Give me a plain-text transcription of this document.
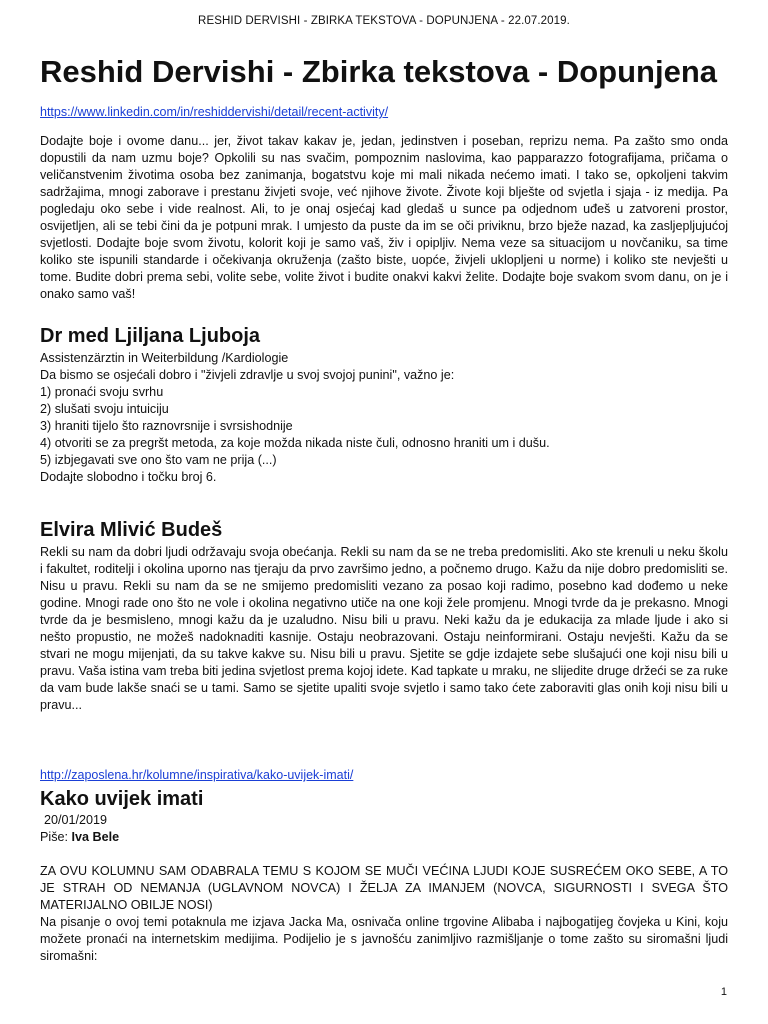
RESHID DERVISHI - ZBIRKA TEKSTOVA - DOPUNJENA - 22.07.2019.
Reshid Dervishi - Zbirka tekstova - Dopunjena
https://www.linkedin.com/in/reshiddervishi/detail/recent-activity/

Dodajte boje i ovome danu... jer, život takav kakav je, jedan, jedinstven i poseban, reprizu nema. Pa zašto smo onda dopustili da nam uzmu boje? Opkolili su nas svačim, pompoznim naslovima, kao papparazzo fotografijama, pričama o veličanstvenim životima osoba bez zanimanja, bogatstvu koje mi mali nikada nećemo imati. I tako se, opkoljeni takvim sadržajima, mnogi zaborave i prestanu živjeti svoje, već njihove živote. Živote koji blješte od svjetla i sjaja - iz medija. Pa pogledaju oko sebe i vide realnost. Ali, to je onaj osjećaj kad gledaš u sunce pa odjednom uđeš u zatvoreni prostor, osvijetljen, ali se tebi čini da je potpuni mrak. I umjesto da puste da im se oči priviknu, brzo bježe nazad, ka zasljepljujućoj svjetlosti. Dodajte boje svom životu, kolorit koji je samo vaš, živ i opipljiv. Nema veze sa situacijom u novčaniku, sa time koliko ste ispunili standarde i očekivanja okruženja (zašto biste, uopće, živjeli uklopljeni u norme) i koliko ste nevješti u tome. Budite dobri prema sebi, volite sebe, volite život i budite onakvi kakvi želite. Dodajte boje svakom svom danu, on je i onako samo vaš!

Dr med Ljiljana Ljuboja

Assistenzärztin in Weiterbildung /Kardiologie

Da bismo se osjećali dobro i "živjeli zdravlje u svoj svojoj punini", važno je:

1) pronaći svoju svrhu

2) slušati svoju intuiciju

3) hraniti tijelo što raznovrsnije i svrsishodnije

4) otvoriti se za pregršt metoda, za koje možda nikada niste čuli, odnosno hraniti um i dušu.

5) izbjegavati sve ono što vam ne prija (...)

Dodajte slobodno i točku broj 6.

Elvira Mlivić Budeš

Rekli su nam da dobri ljudi održavaju svoja obećanja. Rekli su nam da se ne treba predomisliti. Ako ste krenuli u neku školu i fakultet, roditelji i okolina uporno nas tjeraju da prvo završimo jedno, a počnemo drugo. Kažu da nije dobro predomisliti se. Nisu u pravu. Rekli su nam da se ne smijemo predomisliti vezano za posao koji radimo, posebno kad dođemo u neke godine. Mnogi rade ono što ne vole i okolina negativno utiče na one koji žele promjenu. Mnogi tvrde da je prekasno. Mnogi tvrde da je besmisleno, mnogi kažu da je uzaludno. Nisu bili u pravu. Neki kažu da je edukacija za mlade ljude i ako si nešto propustio, ne možeš nadoknaditi kasnije. Ostaju neobrazovani. Ostaju neinformirani. Ostaju nevješti. Kažu da se stvari ne mogu mijenjati, da su takve kakve su. Nisu bili u pravu. Sjetite se gdje izdajete sebe slušajući one koji nisu bili u pravu. Vaša istina vam treba biti jedina svjetlost prema kojoj idete. Kad tapkate u mraku, ne slijedite druge držeći se za ruke da vam bude lakše snaći se u tami. Samo se sjetite upaliti svoje svjetlo i samo tako ćete zaboraviti glas onih koji nisu bili u pravu...

http://zaposlena.hr/kolumne/inspirativa/kako-uvijek-imati/

Kako uvijek imati

20/01/2019

Piše: Iva Bele

ZA OVU KOLUMNU SAM ODABRALA TEMU S KOJOM SE MUČI VEĆINA LJUDI KOJE SUSREĆEM OKO SEBE, A TO JE STRAH OD NEMANJA (UGLAVNOM NOVCA) I ŽELJA ZA IMANJEM (NOVCA, SIGURNOSTI I SVEGA ŠTO MATERIJALNO OBILJE NOSI)

Na pisanje o ovoj temi potaknula me izjava Jacka Ma, osnivača online trgovine Alibaba i najbogatijeg čovjeka u Kini, koju možete pronaći na internetskim medijima. Podijelio je s javnošću zanimljivo razmišljanje o tome zašto su siromašni ljudi siromašni:

1
